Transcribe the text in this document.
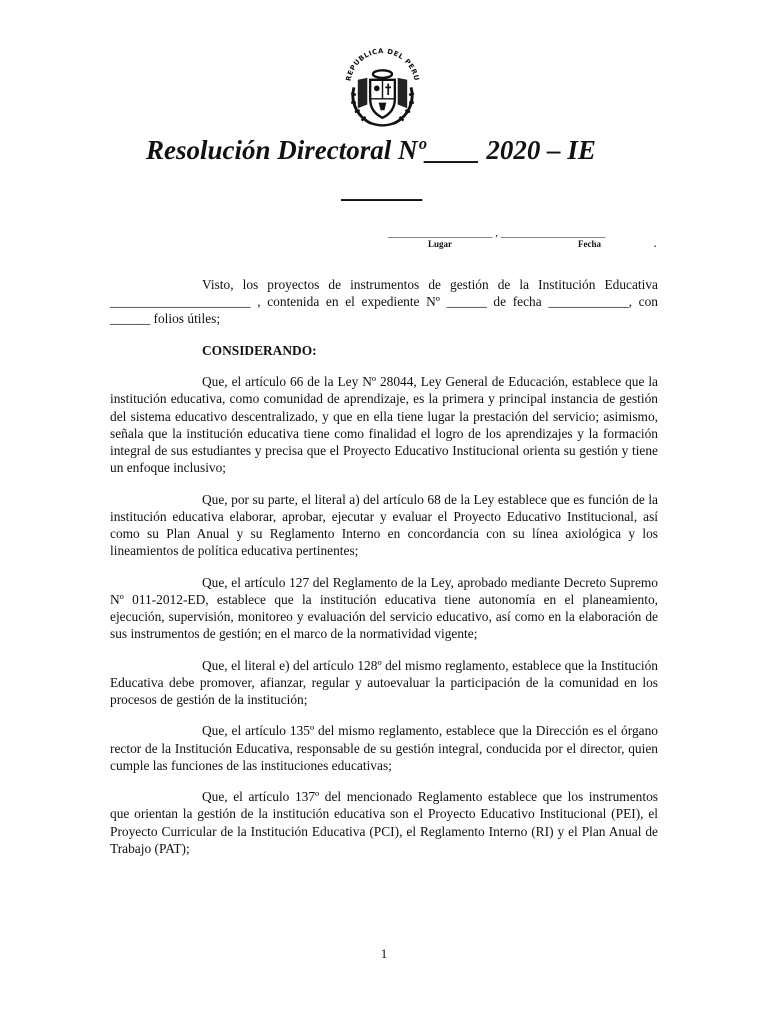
REPUBLICA DEL PERU
Resolución Directoral Nº____ 2020 – IE
______
___________________ , ___________________
Lugar	Fecha	.

Visto, los proyectos de instrumentos de gestión de la Institución Educativa _____________________ , contenida en el expediente Nº ______ de fecha ____________, con ______ folios útiles;

CONSIDERANDO:

Que, el artículo 66 de la Ley Nº 28044, Ley General de Educación, establece que la institución educativa, como comunidad de aprendizaje, es la primera y principal instancia de gestión del sistema educativo descentralizado, y que en ella tiene lugar la prestación del servicio; asimismo, señala que la institución educativa tiene como finalidad el logro de los aprendizajes y la formación integral de sus estudiantes y precisa que el Proyecto Educativo Institucional orienta su gestión y tiene un enfoque inclusivo;

Que, por su parte, el literal a) del artículo 68 de la Ley establece que es función de la institución educativa elaborar, aprobar, ejecutar y evaluar el Proyecto Educativo Institucional, así como su Plan Anual y su Reglamento Interno en concordancia con su línea axiológica y los lineamientos de política educativa pertinentes;

Que, el artículo 127 del Reglamento de la Ley, aprobado mediante Decreto Supremo Nº 011-2012-ED, establece que la institución educativa tiene autonomía en el planeamiento, ejecución, supervisión, monitoreo y evaluación del servicio educativo, así como en la elaboración de sus instrumentos de gestión; en el marco de la normatividad vigente;

Que, el literal e) del artículo 128º del mismo reglamento, establece que la Institución Educativa debe promover, afianzar, regular y autoevaluar la participación de la comunidad en los procesos de gestión de la institución;

Que, el artículo 135º del mismo reglamento, establece que la Dirección es el órgano rector de la Institución Educativa, responsable de su gestión integral, conducida por el director, quien cumple las funciones de las instituciones educativas;

Que, el artículo 137º del mencionado Reglamento establece que los instrumentos que orientan la gestión de la institución educativa son el Proyecto Educativo Institucional (PEI), el Proyecto Curricular de la Institución Educativa (PCI), el Reglamento Interno (RI) y el Plan Anual de Trabajo (PAT);

1
